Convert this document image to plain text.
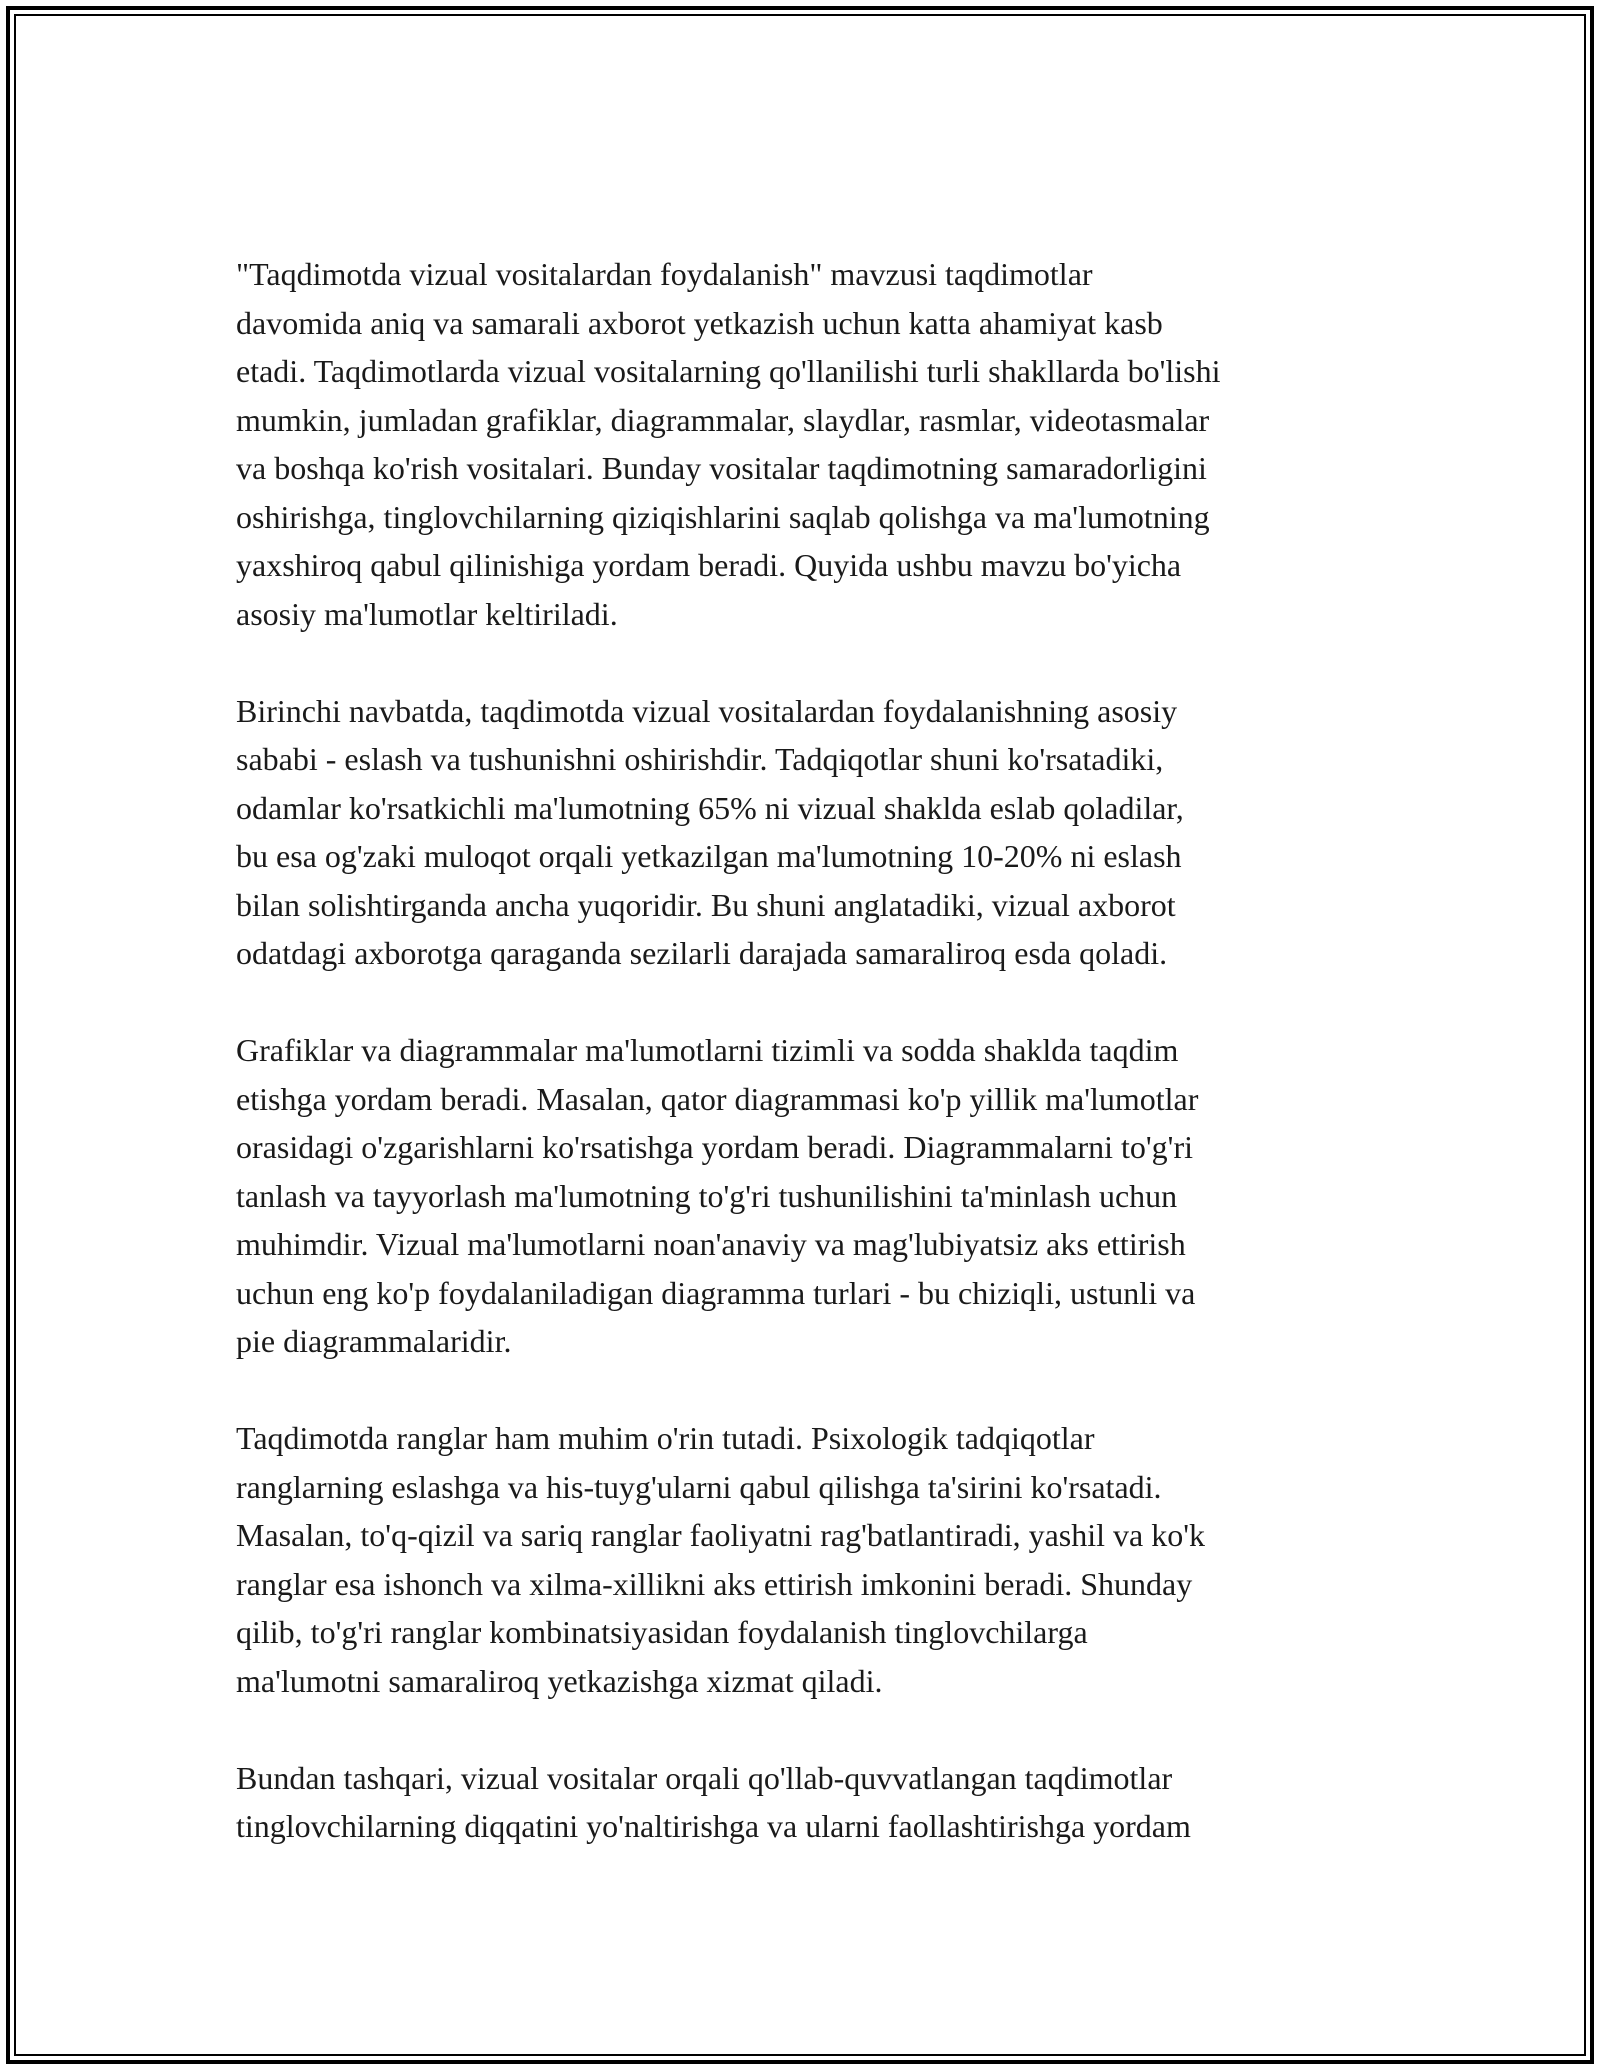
"Taqdimotda vizual vositalardan foydalanish" mavzusi taqdimotlar
davomida aniq va samarali axborot yetkazish uchun katta ahamiyat kasb
etadi. Taqdimotlarda vizual vositalarning qo'llanilishi turli shakllarda bo'lishi
mumkin, jumladan grafiklar, diagrammalar, slaydlar, rasmlar, videotasmalar
va boshqa ko'rish vositalari. Bunday vositalar taqdimotning samaradorligini
oshirishga, tinglovchilarning qiziqishlarini saqlab qolishga va ma'lumotning
yaxshiroq qabul qilinishiga yordam beradi. Quyida ushbu mavzu bo'yicha
asosiy ma'lumotlar keltiriladi.

Birinchi navbatda, taqdimotda vizual vositalardan foydalanishning asosiy
sababi - eslash va tushunishni oshirishdir. Tadqiqotlar shuni ko'rsatadiki,
odamlar ko'rsatkichli ma'lumotning 65% ni vizual shaklda eslab qoladilar,
bu esa og'zaki muloqot orqali yetkazilgan ma'lumotning 10-20% ni eslash
bilan solishtirganda ancha yuqoridir. Bu shuni anglatadiki, vizual axborot
odatdagi axborotga qaraganda sezilarli darajada samaraliroq esda qoladi.

Grafiklar va diagrammalar ma'lumotlarni tizimli va sodda shaklda taqdim
etishga yordam beradi. Masalan, qator diagrammasi ko'p yillik ma'lumotlar
orasidagi o'zgarishlarni ko'rsatishga yordam beradi. Diagrammalarni to'g'ri
tanlash va tayyorlash ma'lumotning to'g'ri tushunilishini ta'minlash uchun
muhimdir. Vizual ma'lumotlarni noan'anaviy va mag'lubiyatsiz aks ettirish
uchun eng ko'p foydalaniladigan diagramma turlari - bu chiziqli, ustunli va
pie diagrammalaridir.

Taqdimotda ranglar ham muhim o'rin tutadi. Psixologik tadqiqotlar
ranglarning eslashga va his-tuyg'ularni qabul qilishga ta'sirini ko'rsatadi.
Masalan, to'q-qizil va sariq ranglar faoliyatni rag'batlantiradi, yashil va ko'k
ranglar esa ishonch va xilma-xillikni aks ettirish imkonini beradi. Shunday
qilib, to'g'ri ranglar kombinatsiyasidan foydalanish tinglovchilarga
ma'lumotni samaraliroq yetkazishga xizmat qiladi.

Bundan tashqari, vizual vositalar orqali qo'llab-quvvatlangan taqdimotlar
tinglovchilarning diqqatini yo'naltirishga va ularni faollashtirishga yordam
